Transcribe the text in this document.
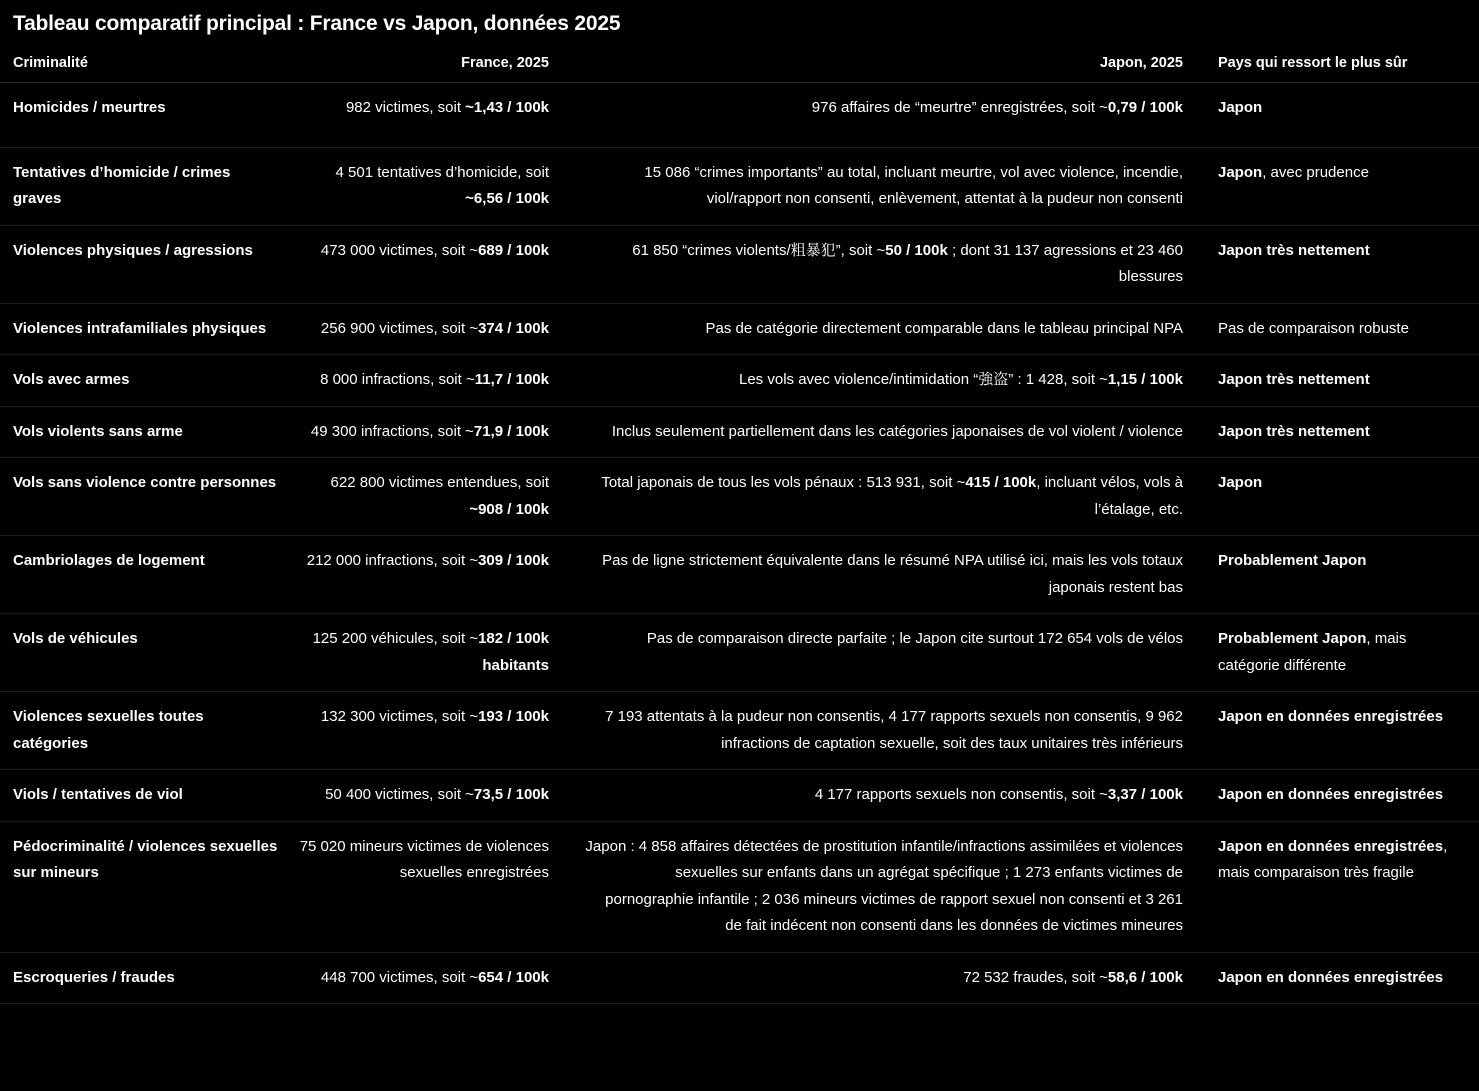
Tableau comparatif principal : France vs Japon, données 2025
Criminalité	France, 2025	Japon, 2025	Pays qui ressort le plus sûr
Homicides / meurtres	982 victimes, soit ~1,43 / 100k	976 affaires de “meurtre” enregistrées, soit ~0,79 / 100k	Japon
Tentatives d’homicide / crimes graves	4 501 tentatives d’homicide, soit ~6,56 / 100k	15 086 “crimes importants” au total, incluant meurtre, vol avec violence, incendie, viol/rapport non consenti, enlèvement, attentat à la pudeur non consenti	Japon, avec prudence
Violences physiques / agressions	473 000 victimes, soit ~689 / 100k	61 850 “crimes violents/粗暴犯”, soit ~50 / 100k ; dont 31 137 agressions et 23 460 blessures	Japon très nettement
Violences intrafamiliales physiques	256 900 victimes, soit ~374 / 100k	Pas de catégorie directement comparable dans le tableau principal NPA	Pas de comparaison robuste
Vols avec armes	8 000 infractions, soit ~11,7 / 100k	Les vols avec violence/intimidation “強盗” : 1 428, soit ~1,15 / 100k	Japon très nettement
Vols violents sans arme	49 300 infractions, soit ~71,9 / 100k	Inclus seulement partiellement dans les catégories japonaises de vol violent / violence	Japon très nettement
Vols sans violence contre personnes	622 800 victimes entendues, soit ~908 / 100k	Total japonais de tous les vols pénaux : 513 931, soit ~415 / 100k, incluant vélos, vols à l’étalage, etc.	Japon
Cambriolages de logement	212 000 infractions, soit ~309 / 100k	Pas de ligne strictement équivalente dans le résumé NPA utilisé ici, mais les vols totaux japonais restent bas	Probablement Japon
Vols de véhicules	125 200 véhicules, soit ~182 / 100k habitants	Pas de comparaison directe parfaite ; le Japon cite surtout 172 654 vols de vélos	Probablement Japon, mais catégorie différente
Violences sexuelles toutes catégories	132 300 victimes, soit ~193 / 100k	7 193 attentats à la pudeur non consentis, 4 177 rapports sexuels non consentis, 9 962 infractions de captation sexuelle, soit des taux unitaires très inférieurs	Japon en données enregistrées
Viols / tentatives de viol	50 400 victimes, soit ~73,5 / 100k	4 177 rapports sexuels non consentis, soit ~3,37 / 100k	Japon en données enregistrées
Pédocriminalité / violences sexuelles sur mineurs	75 020 mineurs victimes de violences sexuelles enregistrées	Japon : 4 858 affaires détectées de prostitution infantile/infractions assimilées et violences sexuelles sur enfants dans un agrégat spécifique ; 1 273 enfants victimes de pornographie infantile ; 2 036 mineurs victimes de rapport sexuel non consenti et 3 261 de fait indécent non consenti dans les données de victimes mineures	Japon en données enregistrées, mais comparaison très fragile
Escroqueries / fraudes	448 700 victimes, soit ~654 / 100k	72 532 fraudes, soit ~58,6 / 100k	Japon en données enregistrées
